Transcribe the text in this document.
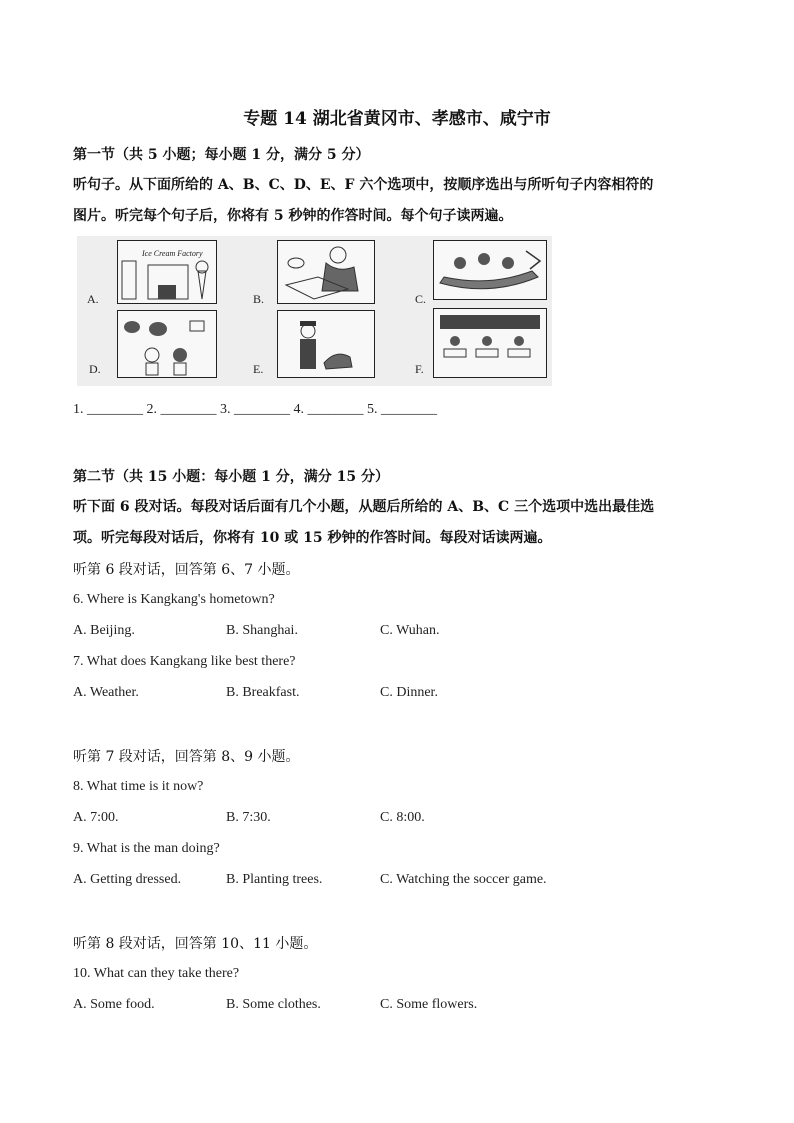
专题 14 湖北省黄冈市、孝感市、咸宁市
第一节（共 5 小题；每小题 1 分，满分 5 分）
听句子。从下面所给的 A、B、C、D、E、F 六个选项中，按顺序选出与所听句子内容相符的
图片。听完每个句子后，你将有 5 秒钟的作答时间。每个句子读两遍。
A.
Ice Cream Factory
B.	C.
D.	E.	F.
1. ________ 2. ________ 3. ________ 4. ________ 5. ________
第二节（共 15 小题：每小题 1 分，满分 15 分）
听下面 6 段对话。每段对话后面有几个小题，从题后所给的 A、B、C 三个选项中选出最佳选
项。听完每段对话后，你将有 10 或 15 秒钟的作答时间。每段对话读两遍。
听第 6 段对话，回答第 6、7 小题。
6. Where is Kangkang's hometown?
A. Beijing.	B. Shanghai.	C. Wuhan.
7. What does Kangkang like best there?
A. Weather.	B. Breakfast.	C. Dinner.
听第 7 段对话，回答第 8、9 小题。
8. What time is it now?
A. 7:00.	B. 7:30.	C. 8:00.
9. What is the man doing?
A. Getting dressed.	B. Planting trees.	C. Watching the soccer game.
听第 8 段对话，回答第 10、11 小题。
10. What can they take there?
A. Some food.	B. Some clothes.	C. Some flowers.
